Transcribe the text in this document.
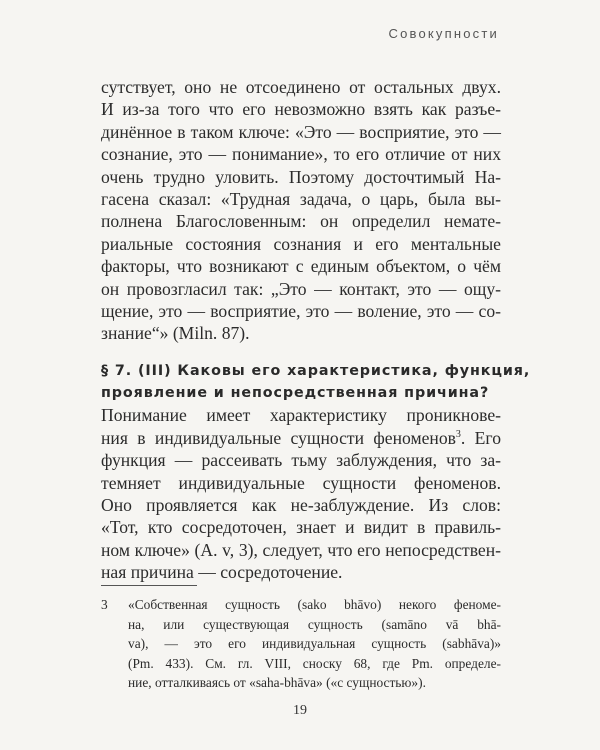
Совокупности
сутствует, оно не отсоединено от остальных двух.
И из-за того что его невозможно взять как разъе-
динённое в таком ключе: «Это — восприятие, это —
сознание, это — понимание», то его отличие от них
очень трудно уловить. Поэтому досточтимый На-
гасена сказал: «Трудная задача, о царь, была вы-
полнена Благословенным: он определил немате-
риальные состояния сознания и его ментальные
факторы, что возникают с единым объектом, о чём
он провозгласил так: „Это — контакт, это — ощу-
щение, это — восприятие, это — воление, это — со-
знание“» (Miln. 87).
§ 7. (III) Каковы его характеристика, функция,
проявление и непосредственная причина?
Понимание имеет характеристику проникнове-
ния в индивидуальные сущности феноменов$^3$. Его
функция — рассеивать тьму заблуждения, что за-
темняет индивидуальные сущности феноменов.
Оно проявляется как не-заблуждение. Из слов:
«Тот, кто сосредоточен, знает и видит в правиль-
ном ключе» (A. v, 3), следует, что его непосредствен-
ная причина — сосредоточение.
3 «Собственная сущность (sako bhāvo) некого феноме-
на, или существующая сущность (samāno vā bhā-
va), — это его индивидуальная сущность (sabhāva)»
(Pm. 433). См. гл. VIII, сноску 68, где Pm. определе-
ние, отталкиваясь от «saha-bhāva» («с сущностью»).
19
